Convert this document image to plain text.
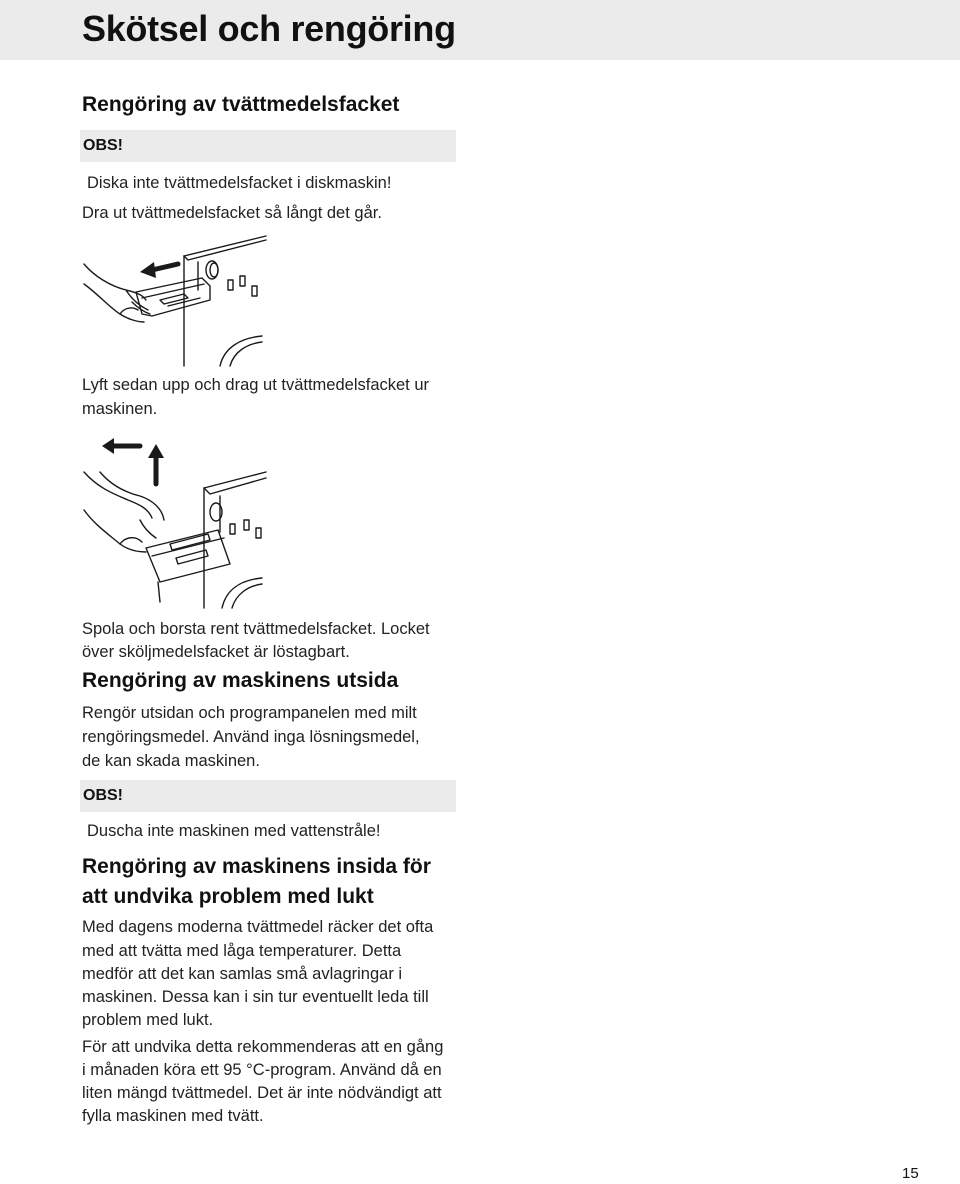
Skötsel och rengöring
Rengöring av tvättmedelsfacket
OBS!

Diska inte tvättmedelsfacket i diskmaskin!

Dra ut tvättmedelsfacket så långt det går.

Lyft sedan upp och drag ut tvättmedelsfacket ur

maskinen.

Spola och borsta rent tvättmedelsfacket. Locket

över sköljmedelsfacket är löstagbart.

Rengöring av maskinens utsida

Rengör utsidan och programpanelen med milt

rengöringsmedel. Använd inga lösningsmedel,

de kan skada maskinen.

OBS!

Duscha inte maskinen med vattenstråle!

Rengöring av maskinens insida för
att undvika problem med lukt

Med dagens moderna tvättmedel räcker det ofta

med att tvätta med låga temperaturer. Detta

medför att det kan samlas små avlagringar i

maskinen. Dessa kan i sin tur eventuellt leda till

problem med lukt.

För att undvika detta rekommenderas att en gång

i månaden köra ett 95 °C-program. Använd då en

liten mängd tvättmedel. Det är inte nödvändigt att

fylla maskinen med tvätt.

15
